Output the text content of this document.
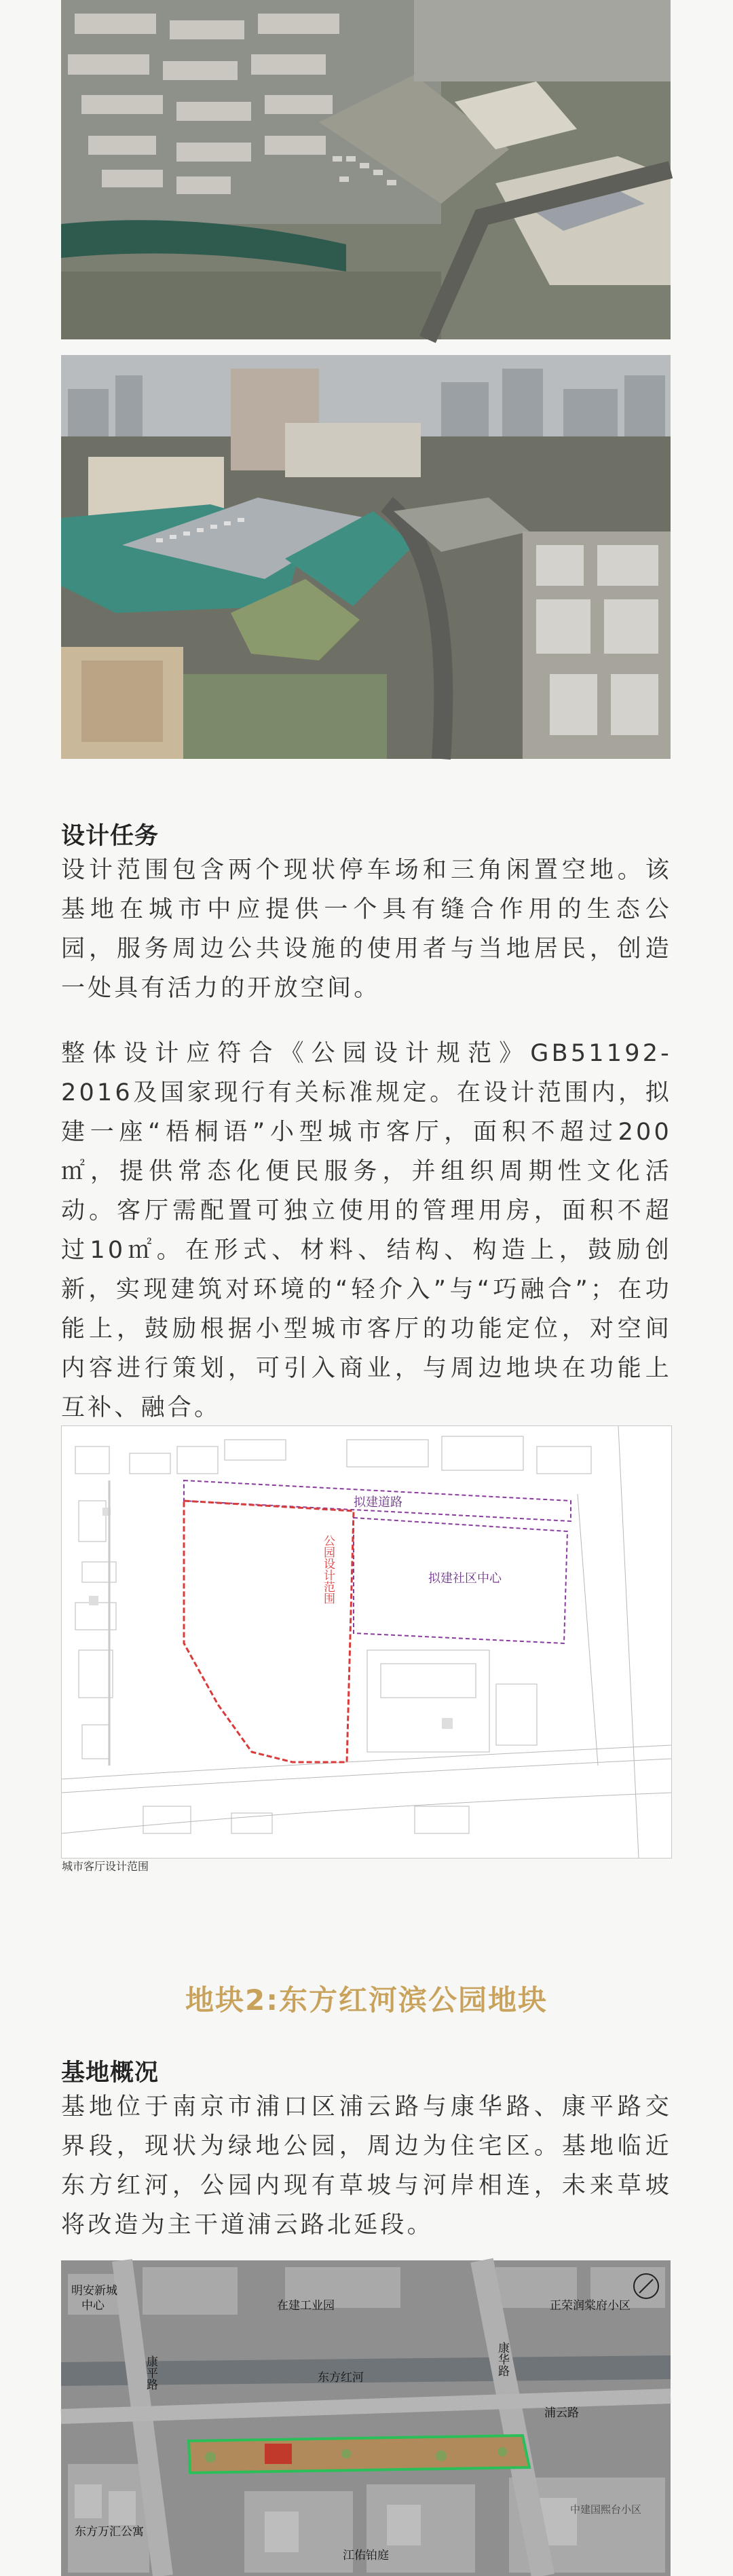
设计任务

设计范围包含两个现状停车场和三角闲置空地。该基地在城市中应提供一个具有缝合作用的生态公园，服务周边公共设施的使用者与当地居民，创造一处具有活力的开放空间。

整体设计应符合《公园设计规范》GB51192-2016及国家现行有关标准规定。在设计范围内，拟建一座“梧桐语”小型城市客厅，面积不超过200㎡，提供常态化便民服务，并组织周期性文化活动。客厅需配置可独立使用的管理用房，面积不超过10㎡。在形式、材料、结构、构造上，鼓励创新，实现建筑对环境的“轻介入”与“巧融合”；在功能上，鼓励根据小型城市客厅的功能定位，对空间内容进行策划，可引入商业，与周边地块在功能上互补、融合。

拟建道路
拟建社区中心
公园设计范围
城市客厅设计范围
地块2:东方红河滨公园地块
基地概况

基地位于南京市浦口区浦云路与康华路、康平路交界段，现状为绿地公园，周边为住宅区。基地临近东方红河，公园内现有草坡与河岸相连，未来草坡将改造为主干道浦云路北延段。

明安新城
中心	在建工业园	正荣润棠府小区
东方红河
浦云路
东方万汇公寓
江佑铂庭
中建国熙台小区
康平路	康华路
